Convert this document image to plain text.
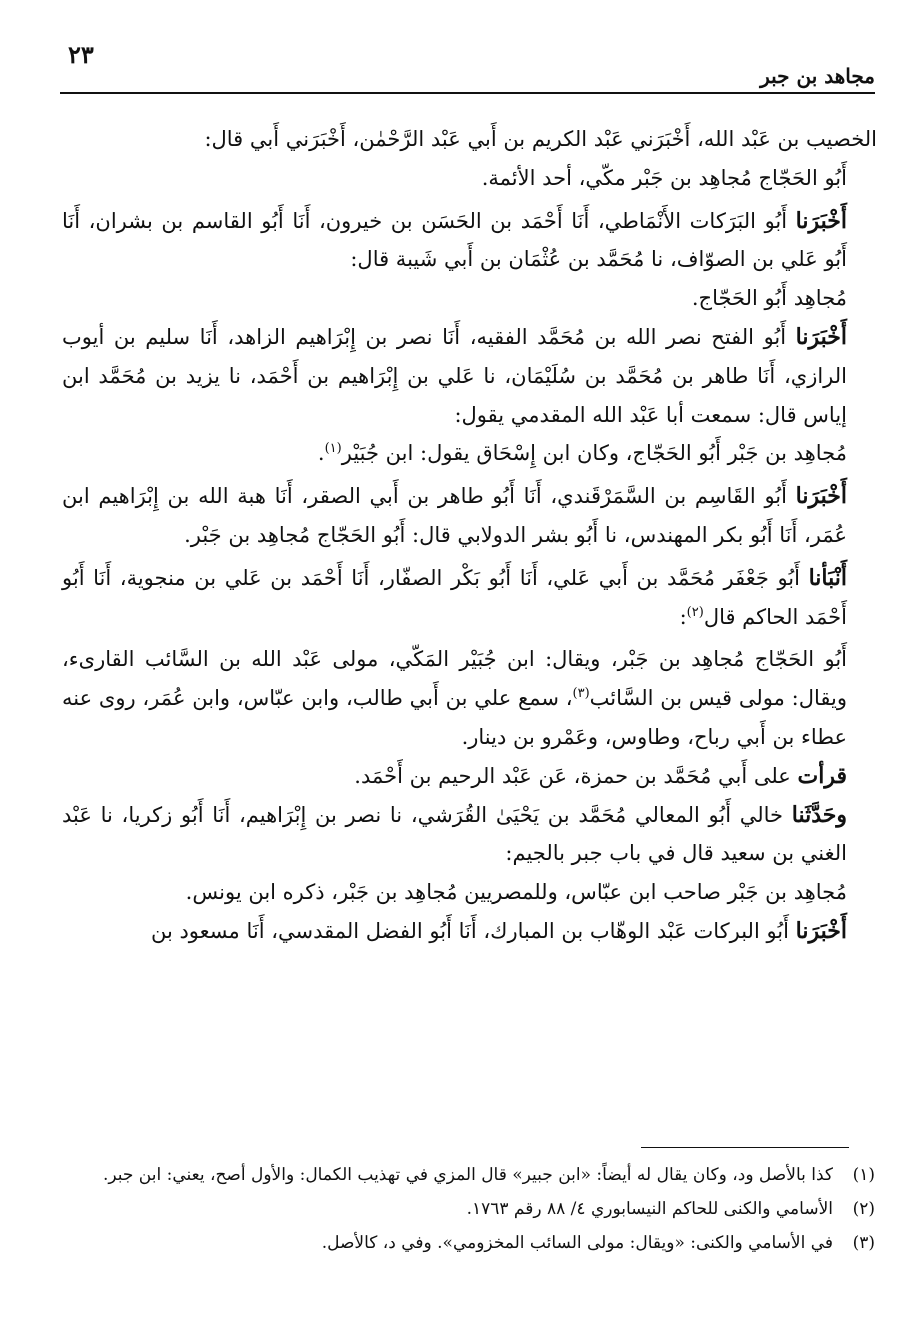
٢٣
مجاهد بن جبر

الخصيب بن عَبْد الله، أَخْبَرَني عَبْد الكريم بن أَبي عَبْد الرَّحْمٰن، أَخْبَرَني أَبي قال:

أَبُو الحَجّاج مُجاهِد بن جَبْر مكّي، أحد الأئمة.

أَخْبَرَنا أَبُو البَرَكات الأَنْمَاطي، أَنَا أَحْمَد بن الحَسَن بن خيرون، أَنَا أَبُو القاسم بن بشران، أَنَا أَبُو عَلي بن الصوّاف، نا مُحَمَّد بن عُثْمَان بن أَبي شَيبة قال:

مُجاهِد أَبُو الحَجّاج.

أَخْبَرَنا أَبُو الفتح نصر الله بن مُحَمَّد الفقيه، أَنَا نصر بن إِبْرَاهيم الزاهد، أَنَا سليم بن أيوب الرازي، أَنَا طاهر بن مُحَمَّد بن سُلَيْمَان، نا عَلي بن إِبْرَاهيم بن أَحْمَد، نا يزيد بن مُحَمَّد ابن إياس قال: سمعت أبا عَبْد الله المقدمي يقول:

مُجاهِد بن جَبْر أَبُو الحَجّاج، وكان ابن إِسْحَاق يقول: ابن جُبَيْر$^{(١)}$.

أَخْبَرَنا أَبُو القَاسِم بن السَّمَرْقَندي، أَنَا أَبُو طاهر بن أَبي الصقر، أَنَا هبة الله بن إِبْرَاهيم ابن عُمَر، أَنَا أَبُو بكر المهندس، نا أَبُو بشر الدولابي قال: أَبُو الحَجّاج مُجاهِد بن جَبْر.

أَنْبَأنا أَبُو جَعْفَر مُحَمَّد بن أَبي عَلي، أَنَا أَبُو بَكْر الصفّار، أَنَا أَحْمَد بن عَلي بن منجوية، أَنَا أَبُو أَحْمَد الحاكم قال$^{(٢)}$:

أَبُو الحَجّاج مُجاهِد بن جَبْر، ويقال: ابن جُبَيْر المَكّي، مولى عَبْد الله بن السَّائب القارىء، ويقال: مولى قيس بن السَّائب$^{(٣)}$، سمع علي بن أَبي طالب، وابن عبّاس، وابن عُمَر، روى عنه عطاء بن أَبي رباح، وطاوس، وعَمْرو بن دينار.

قرأت على أَبي مُحَمَّد بن حمزة، عَن عَبْد الرحيم بن أَحْمَد.

وحَدَّثَنا خالي أَبُو المعالي مُحَمَّد بن يَحْيَىٰ القُرَشي، نا نصر بن إِبْرَاهيم، أَنَا أَبُو زكريا، نا عَبْد الغني بن سعيد قال في باب جبر بالجيم:

مُجاهِد بن جَبْر صاحب ابن عبّاس، وللمصريين مُجاهِد بن جَبْر، ذكره ابن يونس.

أَخْبَرَنا أَبُو البركات عَبْد الوهّاب بن المبارك، أَنَا أَبُو الفضل المقدسي، أَنَا مسعود بن

(١)كذا بالأصل ود، وكان يقال له أيضاً: «ابن جبير» قال المزي في تهذيب الكمال: والأول أصح، يعني: ابن جبر.

(٢)الأسامي والكنى للحاكم النيسابوري ٤/ ٨٨ رقم ١٧٦٣.

(٣)في الأسامي والكنى: «ويقال: مولى السائب المخزومي». وفي د، كالأصل.
